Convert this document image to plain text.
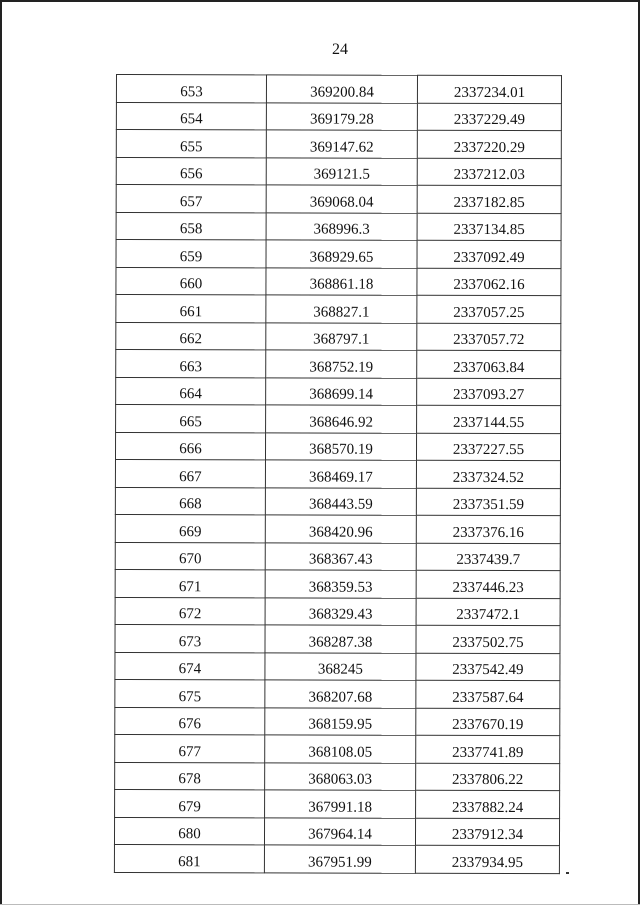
24
653	369200.84	2337234.01
654	369179.28	2337229.49
655	369147.62	2337220.29
656	369121.5	2337212.03
657	369068.04	2337182.85
658	368996.3	2337134.85
659	368929.65	2337092.49
660	368861.18	2337062.16
661	368827.1	2337057.25
662	368797.1	2337057.72
663	368752.19	2337063.84
664	368699.14	2337093.27
665	368646.92	2337144.55
666	368570.19	2337227.55
667	368469.17	2337324.52
668	368443.59	2337351.59
669	368420.96	2337376.16
670	368367.43	2337439.7
671	368359.53	2337446.23
672	368329.43	2337472.1
673	368287.38	2337502.75
674	368245	2337542.49
675	368207.68	2337587.64
676	368159.95	2337670.19
677	368108.05	2337741.89
678	368063.03	2337806.22
679	367991.18	2337882.24
680	367964.14	2337912.34
681	367951.99	2337934.95
